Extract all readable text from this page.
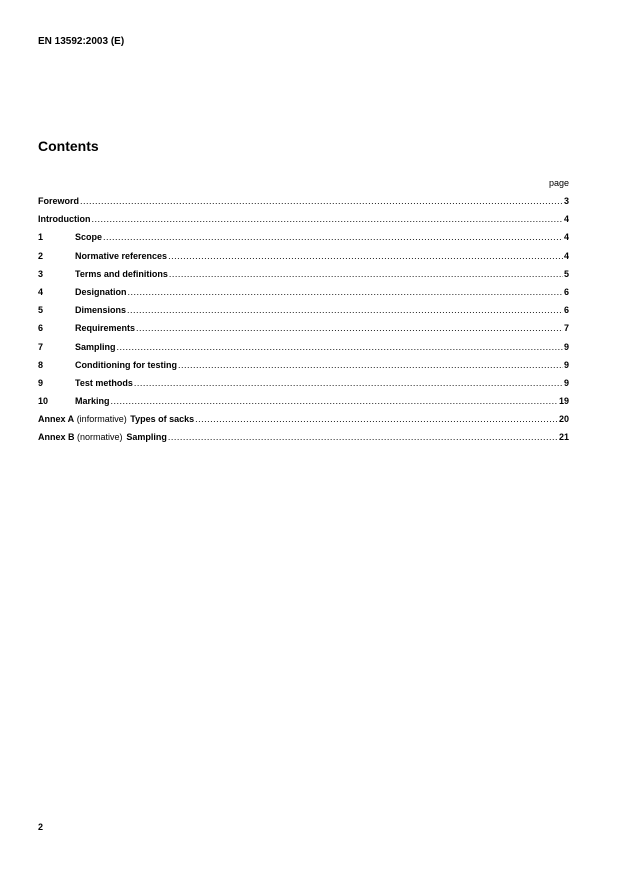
EN 13592:2003 (E)
Contents
page
Foreword .....	3
Introduction .....	4
1	Scope .....	4
2	Normative references .....	4
3	Terms and definitions .....	5
4	Designation .....	6
5	Dimensions .....	6
6	Requirements .....	7
7	Sampling .....	9
8	Conditioning for testing .....	9
9	Test methods .....	9
10	Marking .....	19
Annex A (informative) Types of sacks .....	20
Annex B (normative) Sampling .....	21
2
